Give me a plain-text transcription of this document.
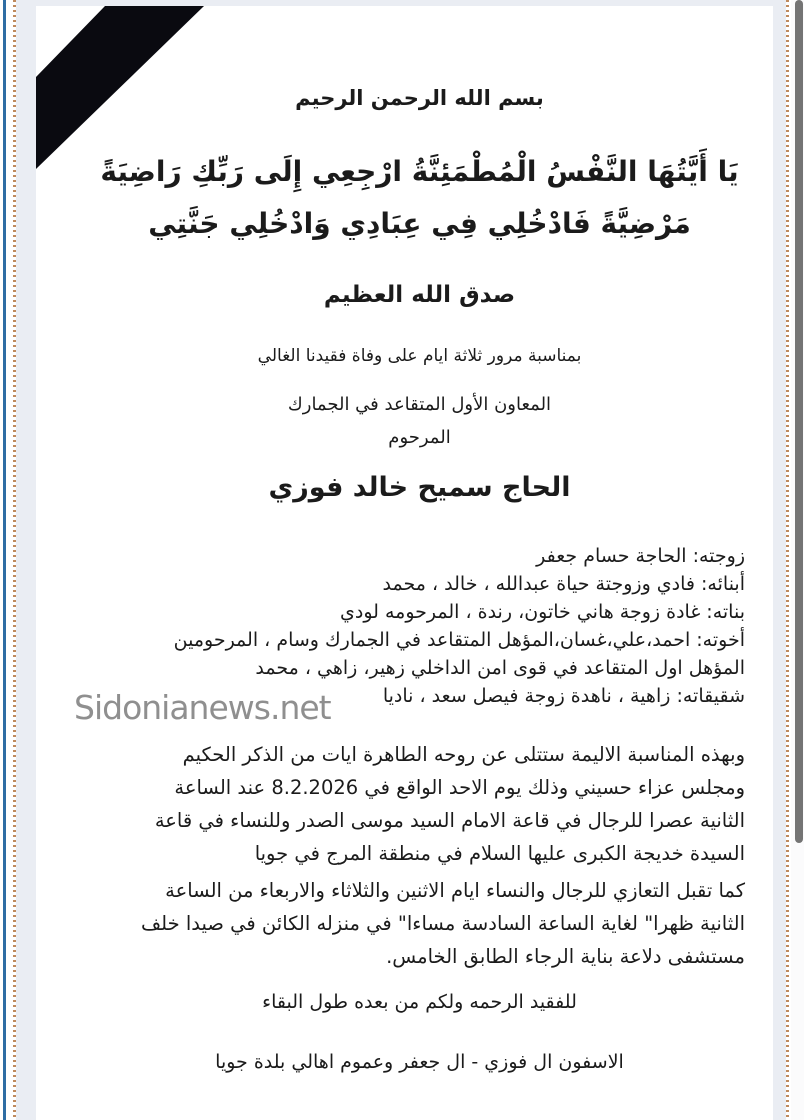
بسم الله الرحمن الرحيم
يَا أَيَّتُهَا النَّفْسُ الْمُطْمَئِنَّةُ ارْجِعِي إِلَى رَبِّكِ رَاضِيَةً
مَرْضِيَّةً فَادْخُلِي فِي عِبَادِي وَادْخُلِي جَنَّتِي
صدق الله العظيم
بمناسبة مرور ثلاثة ايام على وفاة فقيدنا الغالي
المعاون الأول المتقاعد في الجمارك
المرحوم
الحاج سميح خالد فوزي
زوجته: الحاجة حسام جعفر
أبنائه: فادي وزوجتة حياة عبدالله ، خالد ، محمد
بناته: غادة زوجة هاني خاتون، رندة ، المرحومه لودي
أخوته: احمد،علي،غسان،المؤهل المتقاعد في الجمارك وسام ، المرحومين
المؤهل اول المتقاعد في قوى امن الداخلي زهير، زاهي ، محمد
شقيقاته: زاهية ، ناهدة زوجة فيصل سعد ، ناديا
وبهذه المناسبة الاليمة ستتلى عن روحه الطاهرة ايات من الذكر الحكيم
ومجلس عزاء حسيني وذلك يوم الاحد الواقع في 8.2.2026 عند الساعة
الثانية عصرا للرجال في قاعة الامام السيد موسى الصدر وللنساء في قاعة
السيدة خديجة الكبرى عليها السلام في منطقة المرج في جويا
كما تقبل التعازي للرجال والنساء ايام الاثنين والثلاثاء والاربعاء من الساعة
الثانية ظهرا" لغاية الساعة السادسة مساءا" في منزله الكائن في صيدا خلف
مستشفى دلاعة بناية الرجاء الطابق الخامس.
للفقيد الرحمه ولكم من بعده طول البقاء
الاسفون ال فوزي - ال جعفر وعموم اهالي بلدة جويا
Sidonianews.net
